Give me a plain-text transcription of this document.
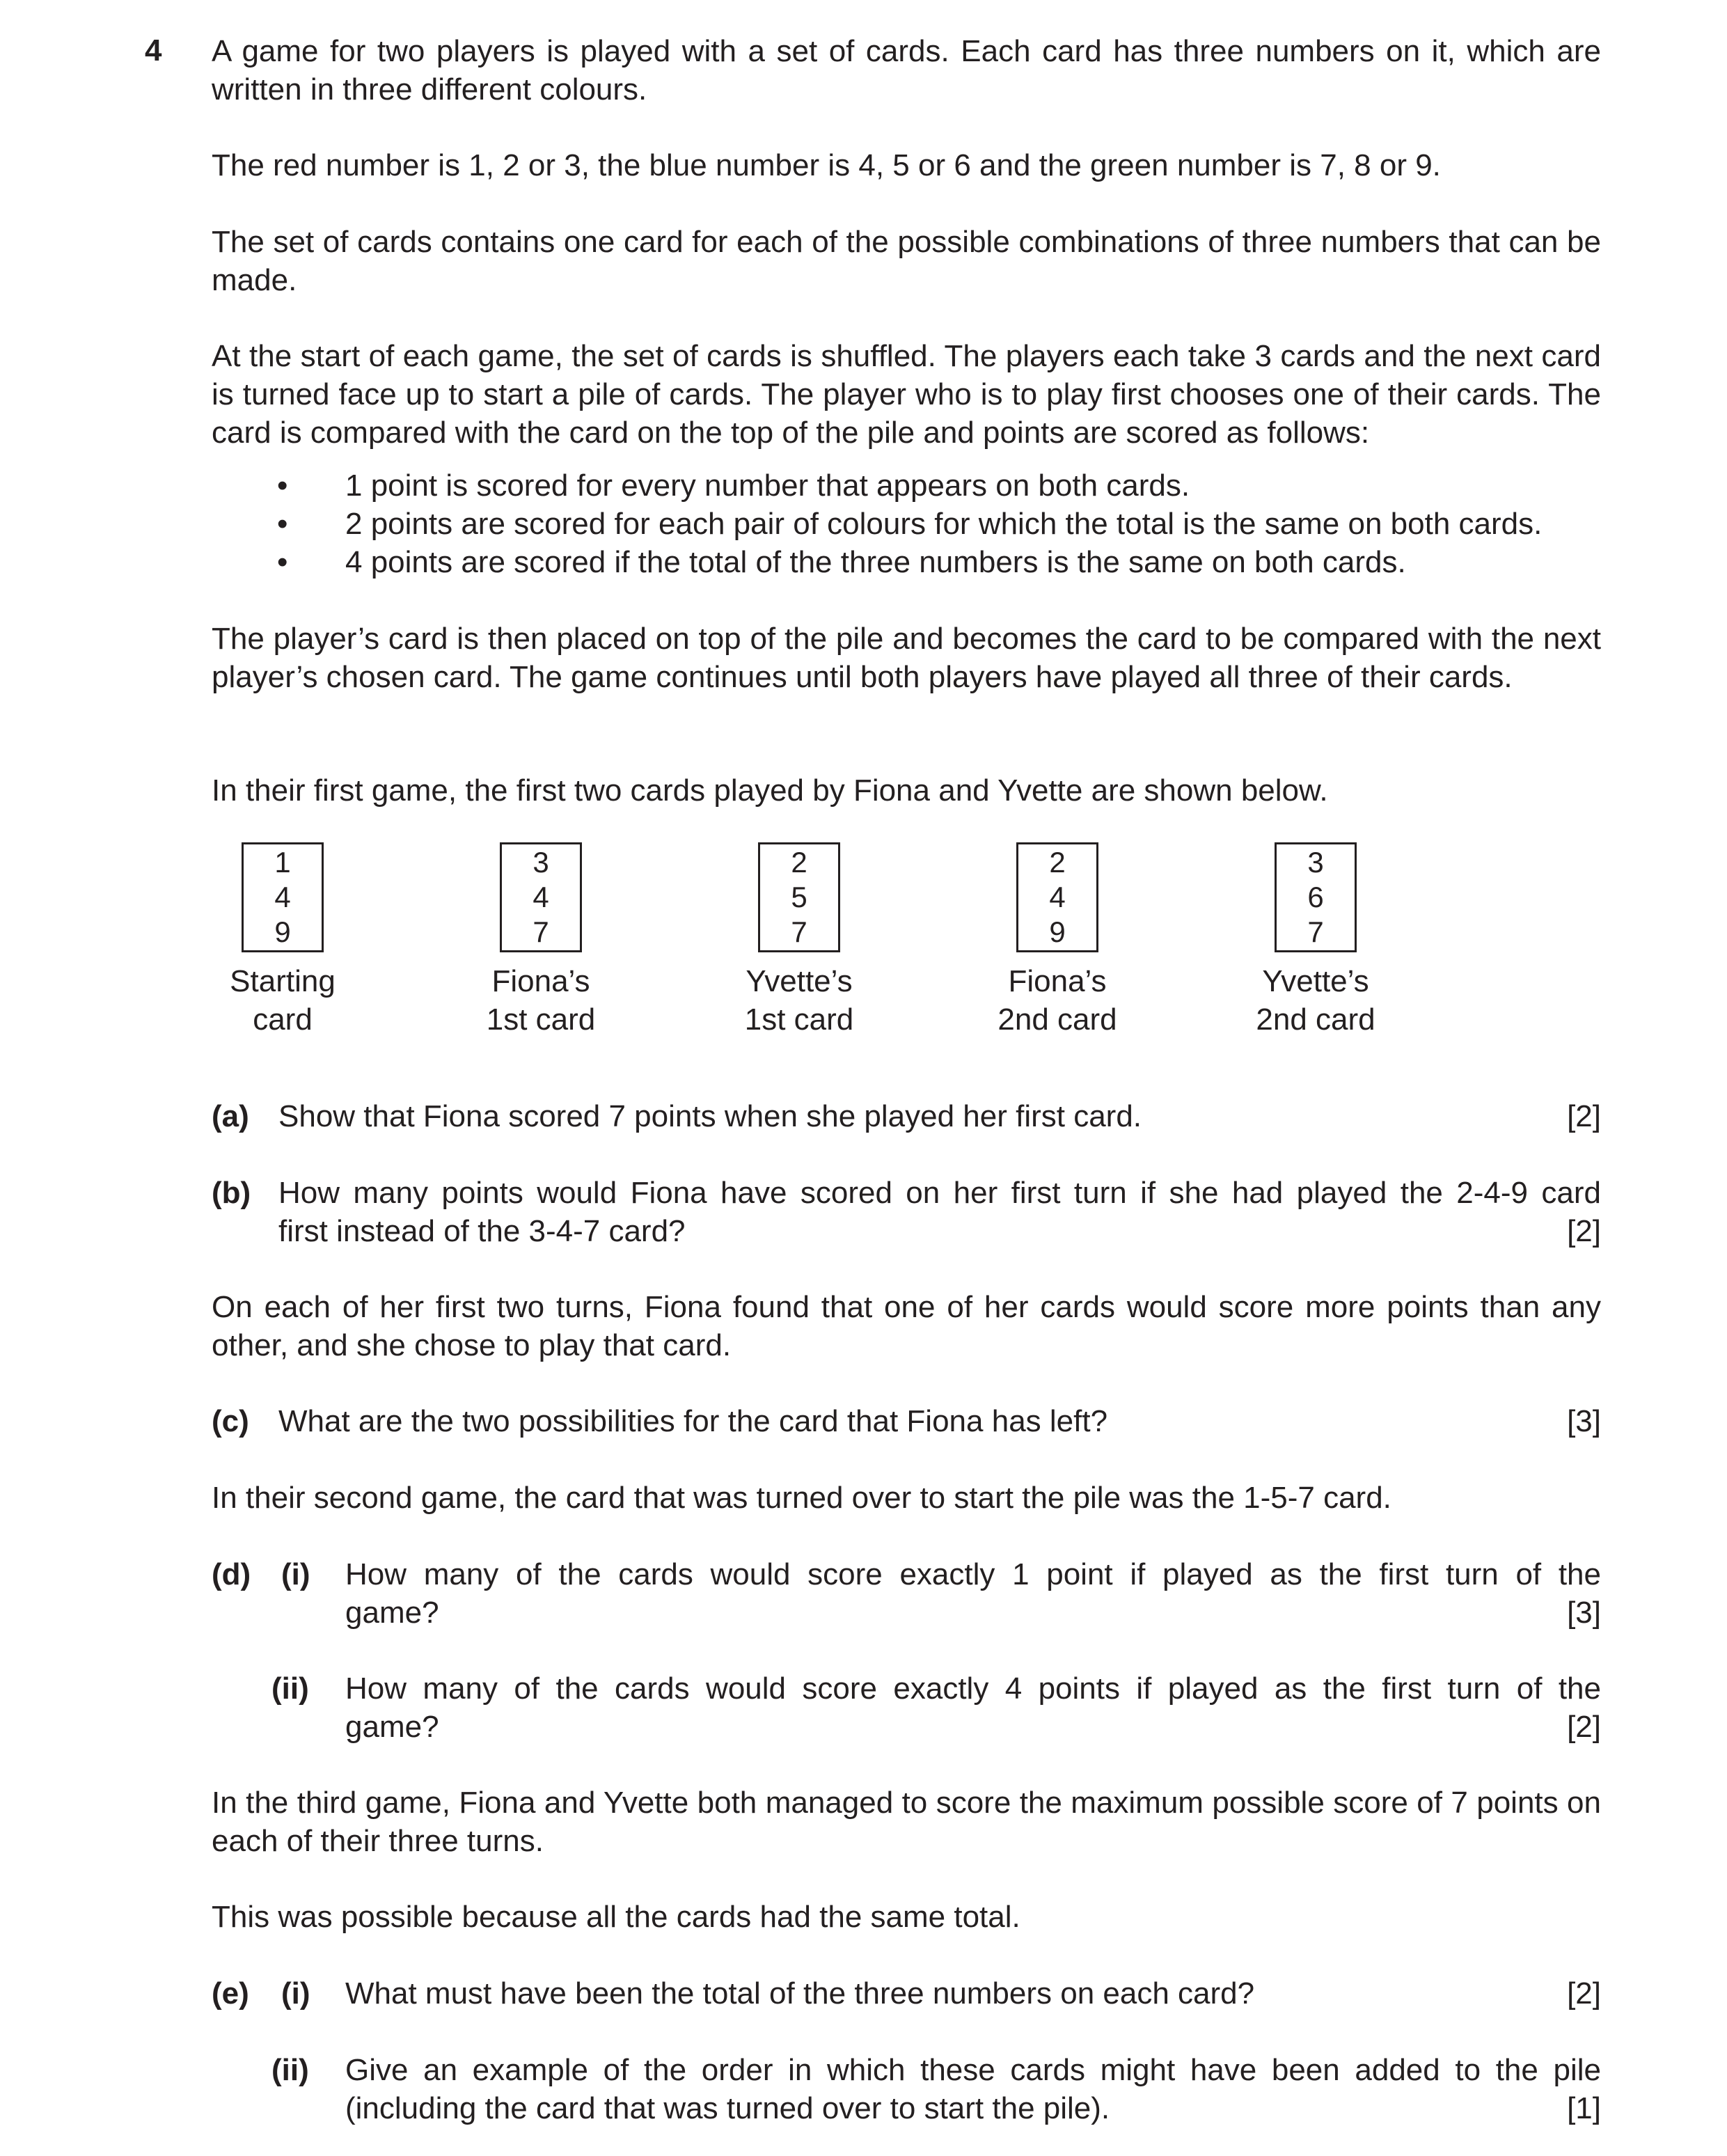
4 A game for two players is played with a set of cards. Each card has three numbers on it, which are written in three different colours.

The red number is 1, 2 or 3, the blue number is 4, 5 or 6 and the green number is 7, 8 or 9.

The set of cards contains one card for each of the possible combinations of three numbers that can be made.

At the start of each game, the set of cards is shuffled. The players each take 3 cards and the next card is turned face up to start a pile of cards. The player who is to play first chooses one of their cards. The card is compared with the card on the top of the pile and points are scored as follows:

• 1 point is scored for every number that appears on both cards.
• 2 points are scored for each pair of colours for which the total is the same on both cards.
• 4 points are scored if the total of the three numbers is the same on both cards.

The player’s card is then placed on top of the pile and becomes the card to be compared with the next player’s chosen card. The game continues until both players have played all three of their cards.

In their first game, the first two cards played by Fiona and Yvette are shown below.

1
4
9
Starting
card
3
4
7
Fiona’s
1st card
2
5
7
Yvette’s
1st card
2
4
9
Fiona’s
2nd card
3
6
7
Yvette’s
2nd card
(a) Show that Fiona scored 7 points when she played her first card.	[2]
(b) How many points would Fiona have scored on her first turn if she had played the 2-4-9 card
first instead of the 3-4-7 card?	[2]

On each of her first two turns, Fiona found that one of her cards would score more points than any other, and she chose to play that card.

(c) What are the two possibilities for the card that Fiona has left?	[3]

In their second game, the card that was turned over to start the pile was the 1-5-7 card.

(d) (i) How many of the cards would score exactly 1 point if played as the first turn of the
game?	[3]
(ii) How many of the cards would score exactly 4 points if played as the first turn of the
game?	[2]

In the third game, Fiona and Yvette both managed to score the maximum possible score of 7 points on each of their three turns.

This was possible because all the cards had the same total.

(e) (i) What must have been the total of the three numbers on each card?	[2]
(ii) Give an example of the order in which these cards might have been added to the pile
(including the card that was turned over to start the pile).	[1]
